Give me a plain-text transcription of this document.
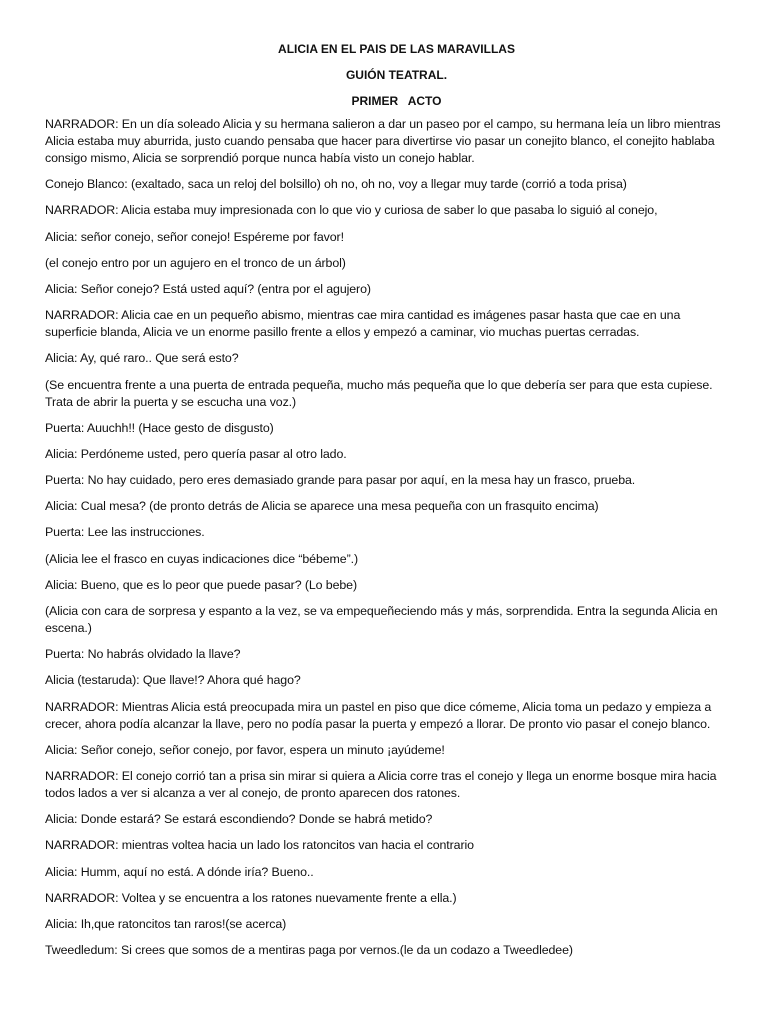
ALICIA EN EL PAIS DE LAS MARAVILLAS

GUIÓN TEATRAL.

PRIMER   ACTO

NARRADOR: En un día soleado Alicia y su hermana salieron a dar un paseo por el campo, su hermana leía un libro mientras Alicia estaba muy aburrida, justo cuando pensaba que hacer para divertirse vio pasar un conejito blanco, el conejito hablaba consigo mismo, Alicia se sorprendió porque nunca había visto un conejo hablar.

Conejo Blanco: (exaltado, saca un reloj del bolsillo) oh no, oh no, voy a llegar muy tarde (corrió a toda prisa)

NARRADOR: Alicia estaba muy impresionada con lo que vio y curiosa de saber lo que pasaba lo siguió al conejo,

Alicia: señor conejo, señor conejo! Espéreme por favor!

(el conejo entro por un agujero en el tronco de un árbol)

Alicia: Señor conejo? Está usted aquí? (entra por el agujero)

NARRADOR: Alicia cae en un pequeño abismo, mientras cae mira cantidad es imágenes pasar hasta que cae en una superficie blanda, Alicia ve un enorme pasillo frente a ellos y empezó a caminar, vio muchas puertas cerradas.

Alicia: Ay, qué raro.. Que será esto?

(Se encuentra frente a una puerta de entrada pequeña, mucho más pequeña que lo que debería ser para que esta cupiese. Trata de abrir la puerta y se escucha una voz.)

Puerta: Auuchh!! (Hace gesto de disgusto)

Alicia: Perdóneme usted, pero quería pasar al otro lado.

Puerta: No hay cuidado, pero eres demasiado grande para pasar por aquí, en la mesa hay un frasco, prueba.

Alicia: Cual mesa? (de pronto detrás de Alicia se aparece una mesa pequeña con un frasquito encima)

Puerta: Lee las instrucciones.

(Alicia lee el frasco en cuyas indicaciones dice “bébeme”.)

Alicia: Bueno, que es lo peor que puede pasar? (Lo bebe)

(Alicia con cara de sorpresa y espanto a la vez, se va empequeñeciendo más y más, sorprendida. Entra la segunda Alicia en escena.)

Puerta: No habrás olvidado la llave?

Alicia (testaruda): Que llave!? Ahora qué hago?

NARRADOR: Mientras Alicia está preocupada mira un pastel en piso que dice cómeme, Alicia toma un pedazo y empieza a crecer, ahora podía alcanzar la llave, pero no podía pasar la puerta y empezó a llorar. De pronto vio pasar el conejo blanco.

Alicia: Señor conejo, señor conejo, por favor, espera un minuto ¡ayúdeme!

NARRADOR: El conejo corrió tan a prisa sin mirar si quiera a Alicia corre tras el conejo y llega un enorme bosque mira hacia todos lados a ver si alcanza a ver al conejo, de pronto aparecen dos ratones.

Alicia: Donde estará? Se estará escondiendo? Donde se habrá metido?

NARRADOR: mientras voltea hacia un lado los ratoncitos van hacia el contrario

Alicia: Humm, aquí no está. A dónde iría? Bueno..

NARRADOR: Voltea y se encuentra a los ratones nuevamente frente a ella.)

Alicia: Ih,que ratoncitos tan raros!(se acerca)

Tweedledum: Si crees que somos de a mentiras paga por vernos.(le da un codazo a Tweedledee)
